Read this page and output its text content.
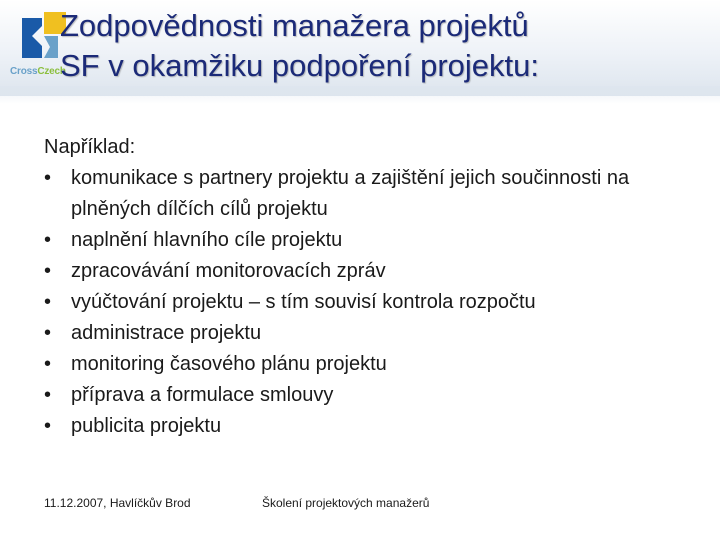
CrossCzech
Zodpovědnosti manažera projektů
SF v okamžiku podpoření projektu:

Například:

• komunikace s partnery projektu a zajištění jejich součinnosti na plněných dílčích cílů projektu
• naplnění hlavního cíle projektu
• zpracovávání monitorovacích zpráv
• vyúčtování projektu – s tím souvisí kontrola rozpočtu
• administrace projektu
• monitoring časového plánu projektu
• příprava a formulace smlouvy
• publicita projektu
11.12.2007, Havlíčkův Brod	Školení projektových manažerů
